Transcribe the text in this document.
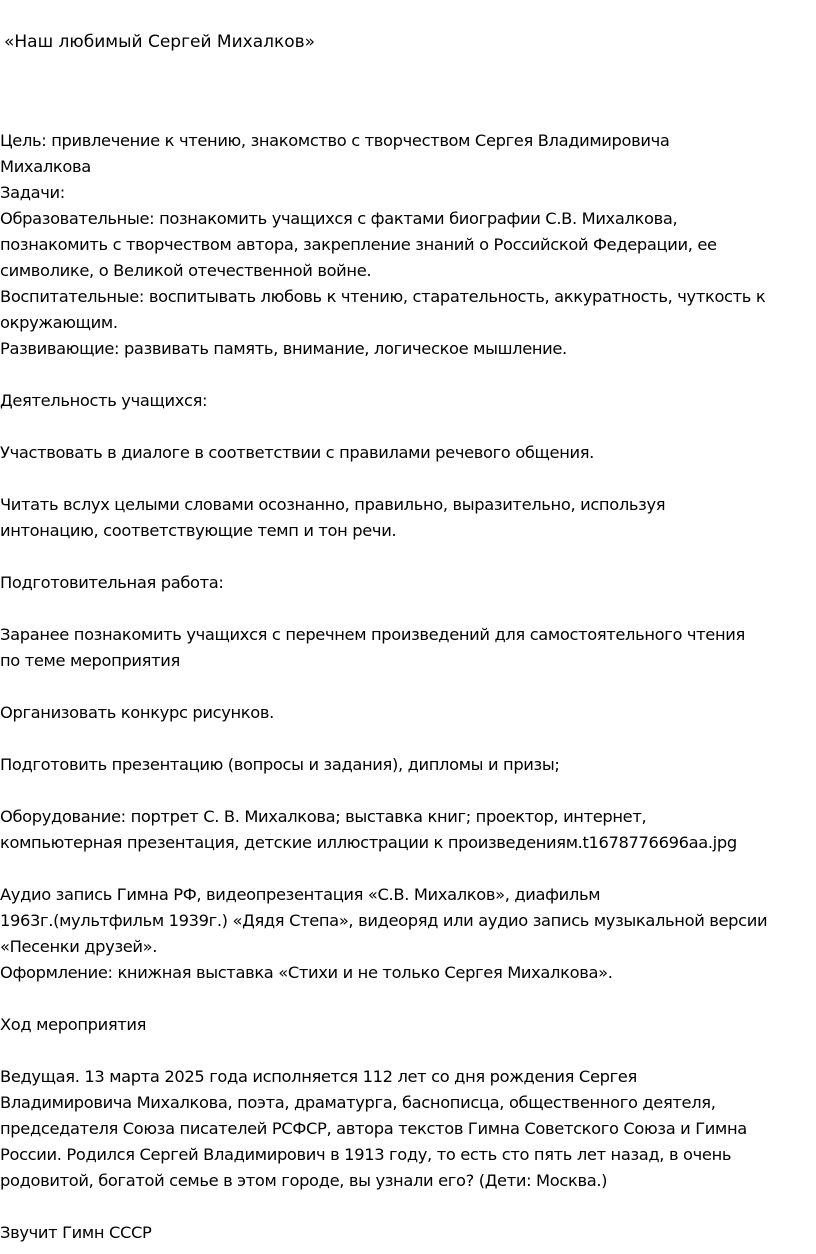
«Наш любимый Сергей Михалков»

Цель: привлечение к чтению, знакомство с творчеством Сергея Владимировича
Михалкова

Задачи:

Образовательные: познакомить учащихся с фактами биографии С.В. Михалкова,
познакомить с творчеством автора, закрепление знаний о Российской Федерации, ее
символике, о Великой отечественной войне.

Воспитательные: воспитывать любовь к чтению, старательность, аккуратность, чуткость к
окружающим.

Развивающие: развивать память, внимание, логическое мышление.

Деятельность учащихся:

Участвовать в диалоге в соответствии с правилами речевого общения.

Читать вслух целыми словами осознанно, правильно, выразительно, используя
интонацию, соответствующие темп и тон речи.

Подготовительная работа:

Заранее познакомить учащихся с перечнем произведений для самостоятельного чтения
по теме мероприятия

Организовать конкурс рисунков.

Подготовить презентацию (вопросы и задания), дипломы и призы;

Оборудование: портрет С. В. Михалкова; выставка книг; проектор, интернет,
компьютерная презентация, детские иллюстрации к произведениям.t1678776696aa.jpg

Аудио запись Гимна РФ, видеопрезентация «С.В. Михалков», диафильм
1963г.(мультфильм 1939г.) «Дядя Степа», видеоряд или аудио запись музыкальной версии
«Песенки друзей».

Оформление: книжная выставка «Стихи и не только Сергея Михалкова».

Ход мероприятия

Ведущая. 13 марта 2025 года исполняется 112 лет со дня рождения Сергея
Владимировича Михалкова, поэта, драматурга, баснописца, общественного деятеля,
председателя Союза писателей РСФСР, автора текстов Гимна Советского Союза и Гимна
России. Родился Сергей Владимирович в 1913 году, то есть сто пять лет назад, в очень
родовитой, богатой семье в этом городе, вы узнали его? (Дети: Москва.)

Звучит Гимн СССР
